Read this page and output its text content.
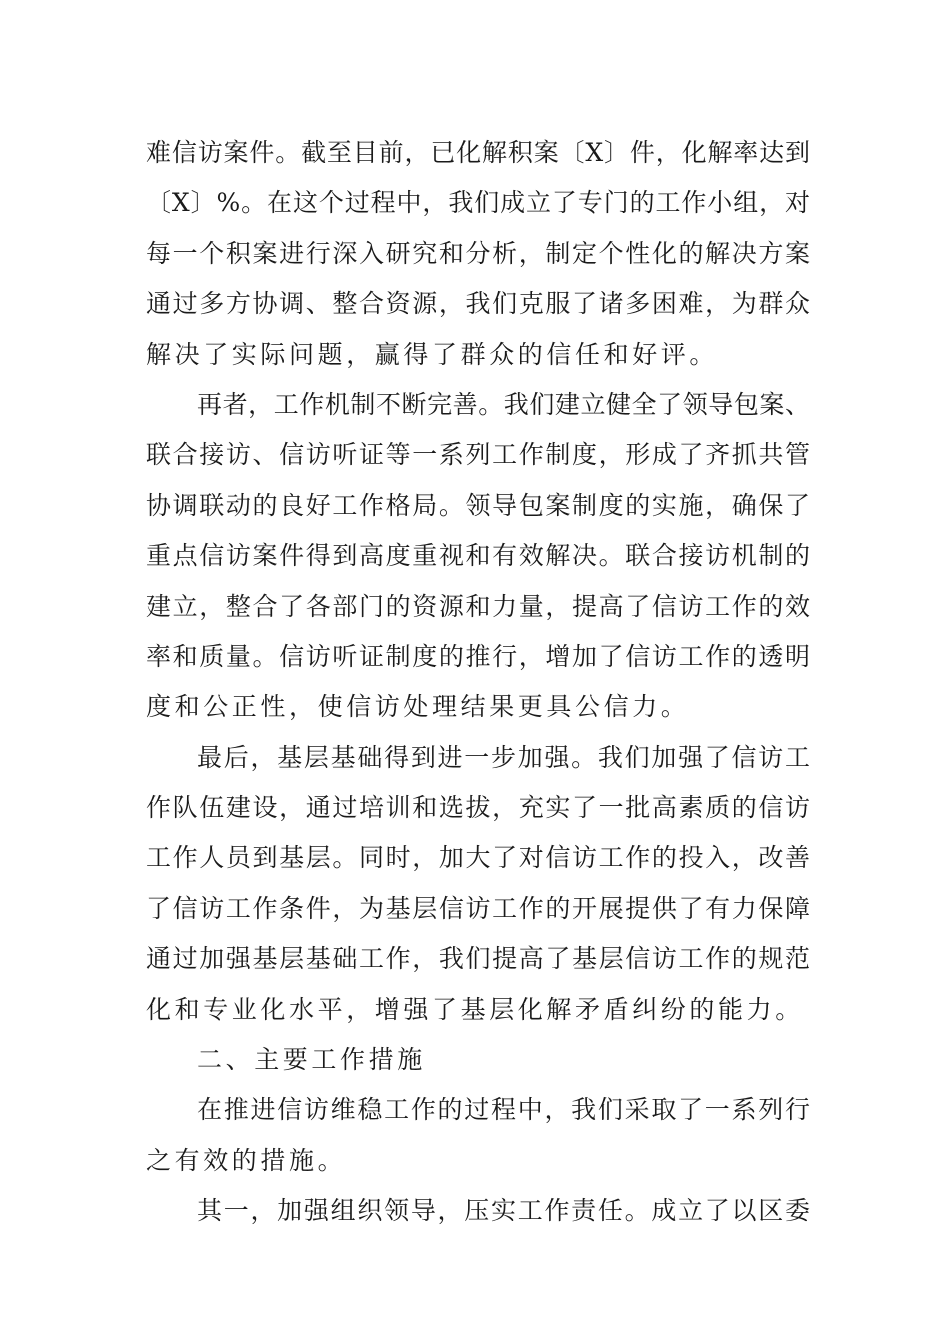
难信访案件。截至目前，已化解积案〔X〕件，化解率达到
〔X〕%。在这个过程中，我们成立了专门的工作小组，对
每一个积案进行深入研究和分析，制定个性化的解决方案
通过多方协调、整合资源，我们克服了诸多困难，为群众
解决了实际问题，赢得了群众的信任和好评。
再者，工作机制不断完善。我们建立健全了领导包案、
联合接访、信访听证等一系列工作制度，形成了齐抓共管
协调联动的良好工作格局。领导包案制度的实施，确保了
重点信访案件得到高度重视和有效解决。联合接访机制的
建立，整合了各部门的资源和力量，提高了信访工作的效
率和质量。信访听证制度的推行，增加了信访工作的透明
度和公正性，使信访处理结果更具公信力。
最后，基层基础得到进一步加强。我们加强了信访工
作队伍建设，通过培训和选拔，充实了一批高素质的信访
工作人员到基层。同时，加大了对信访工作的投入，改善
了信访工作条件，为基层信访工作的开展提供了有力保障
通过加强基层基础工作，我们提高了基层信访工作的规范
化和专业化水平，增强了基层化解矛盾纠纷的能力。
二、主要工作措施
在推进信访维稳工作的过程中，我们采取了一系列行
之有效的措施。
其一，加强组织领导，压实工作责任。成立了以区委
